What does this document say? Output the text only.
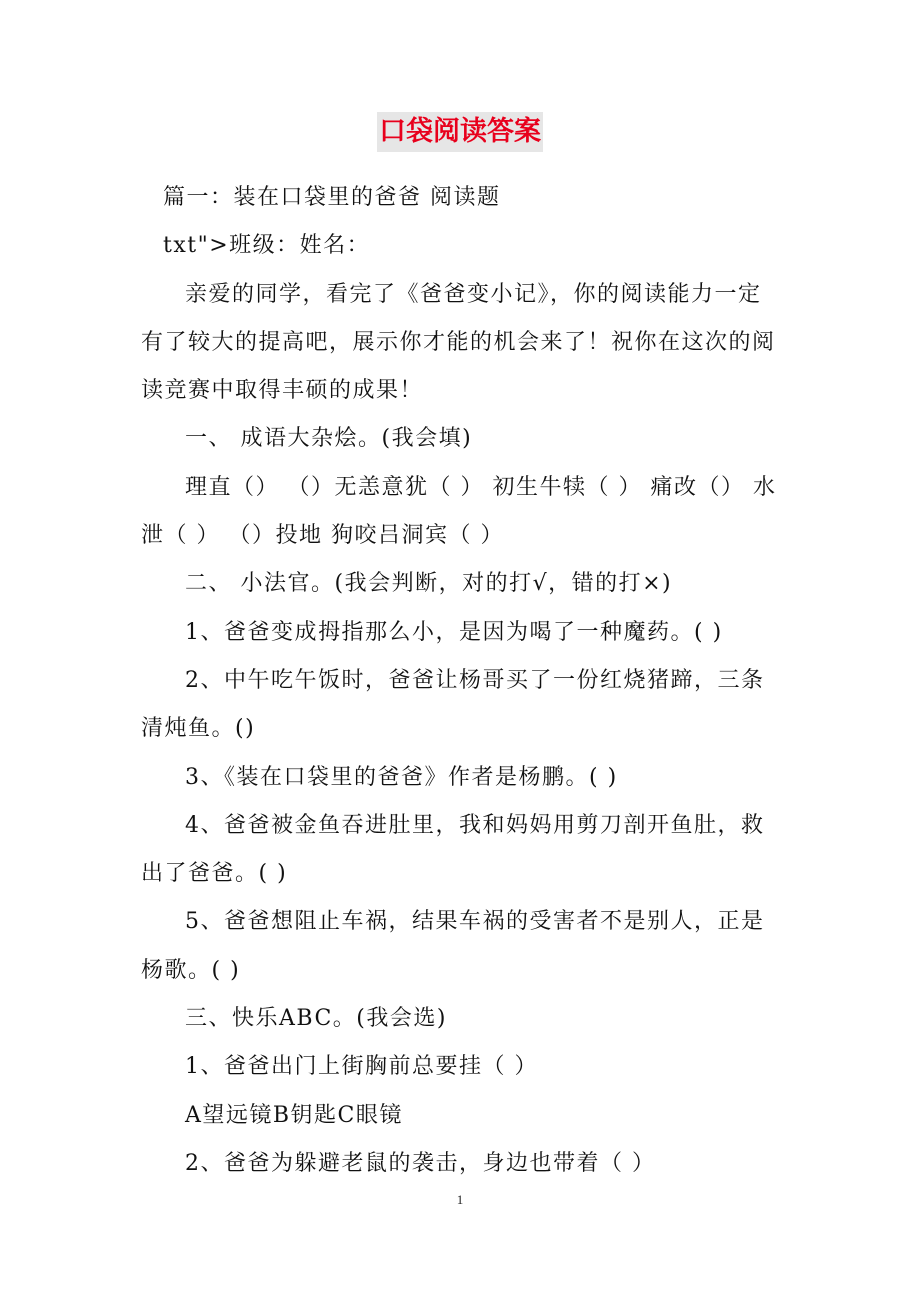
口袋阅读答案

篇一：装在口袋里的爸爸 阅读题

txt">班级：姓名：

亲爱的同学，看完了《爸爸变小记》，你的阅读能力一定有了较大的提高吧，展示你才能的机会来了！祝你在这次的阅读竞赛中取得丰硕的成果！

一、 成语大杂烩。(我会填)

理直（） （）无恙意犹（ ） 初生牛犊（ ） 痛改（） 水泄（ ） （）投地 狗咬吕洞宾（ ）

二、 小法官。(我会判断，对的打√，错的打×)

1、爸爸变成拇指那么小，是因为喝了一种魔药。( )

2、中午吃午饭时，爸爸让杨哥买了一份红烧猪蹄，三条清炖鱼。()

3、《装在口袋里的爸爸》作者是杨鹏。( )

4、爸爸被金鱼吞进肚里，我和妈妈用剪刀剖开鱼肚，救出了爸爸。( )

5、爸爸想阻止车祸，结果车祸的受害者不是别人，正是杨歌。( )

三、快乐ABC。(我会选)

1、爸爸出门上街胸前总要挂（ ）

A望远镜B钥匙C眼镜

2、爸爸为躲避老鼠的袭击，身边也带着（ ）

1
